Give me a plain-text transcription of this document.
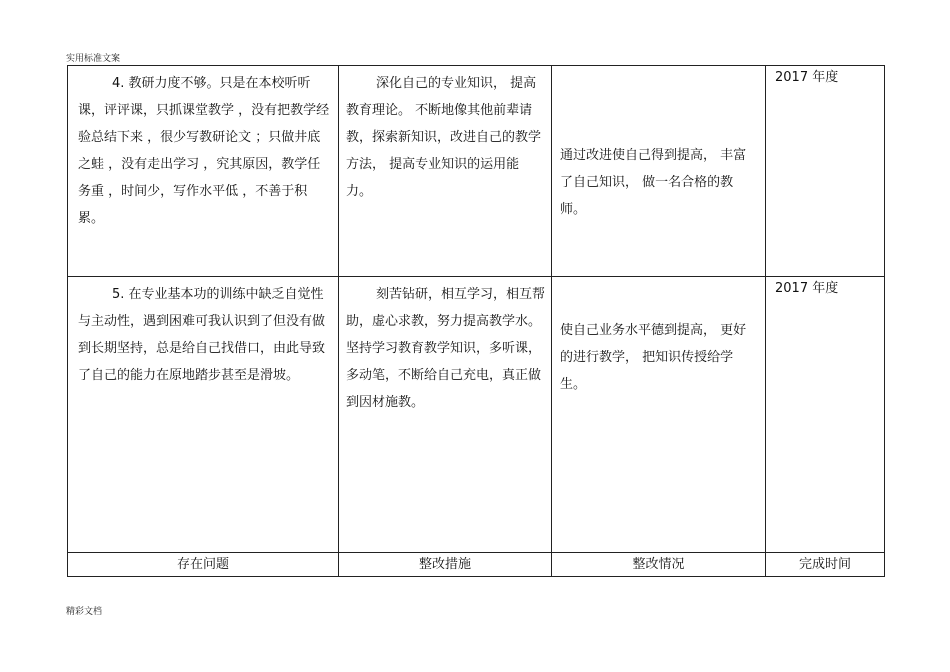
实用标准文案
4. 教研力度不够。只是在本校听听课，评评课，只抓课堂教学 ，没有把教学经验总结下来 ，很少写教研论文 ；只做井底之蛙 ，没有走出学习 ，究其原因，教学任务重 ，时间少，写作水平低 ，不善于积累。	深化自己的专业知识， 提高教育理论。 不断地像其他前辈请教，探索新知识，改进自己的教学方法， 提高专业知识的运用能力。	通过改进使自己得到提高， 丰富了自己知识， 做一名合格的教师。	2017 年度
5. 在专业基本功的训练中缺乏自觉性与主动性，遇到困难可我认识到了但没有做到长期坚持，总是给自己找借口，由此导致了自己的能力在原地踏步甚至是滑坡。	刻苦钻研，相互学习，相互帮助，虚心求教，努力提高教学水。坚持学习教育教学知识，多听课，多动笔，不断给自己充电，真正做到因材施教。	使自己业务水平德到提高， 更好的进行教学， 把知识传授给学生。	2017 年度
存在问题	整改措施	整改情况	完成时间
精彩文档
